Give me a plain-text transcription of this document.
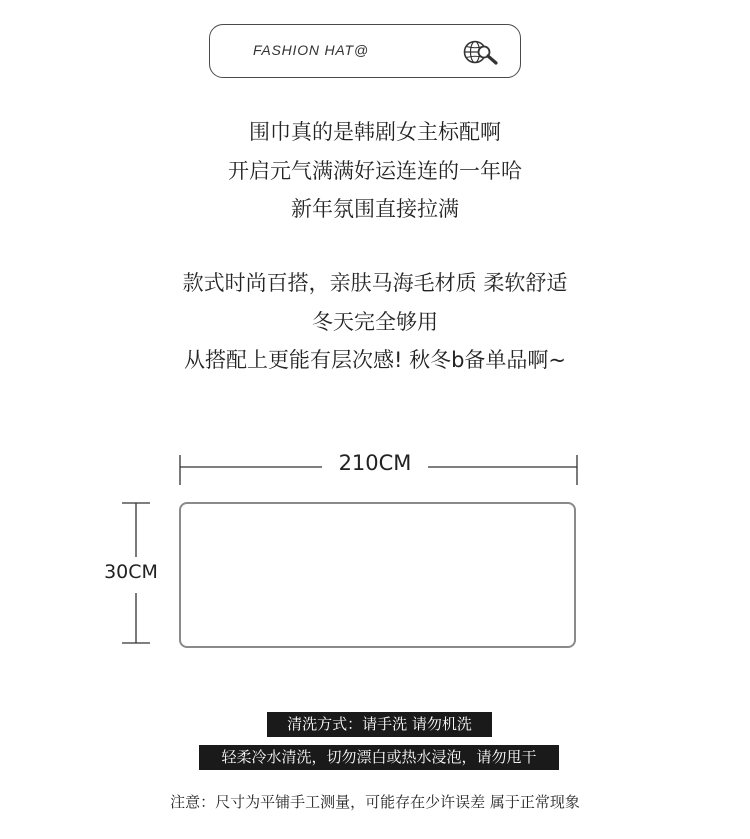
FASHION HAT@
围巾真的是韩剧女主标配啊
开启元气满满好运连连的一年哈
新年氛围直接拉满
款式时尚百搭，亲肤马海毛材质 柔软舒适
冬天完全够用
从搭配上更能有层次感! 秋冬b备单品啊~
210CM
30CM
清洗方式：请手洗 请勿机洗
轻柔冷水清洗，切勿漂白或热水浸泡，请勿甩干
注意：尺寸为平铺手工测量，可能存在少许误差 属于正常现象
